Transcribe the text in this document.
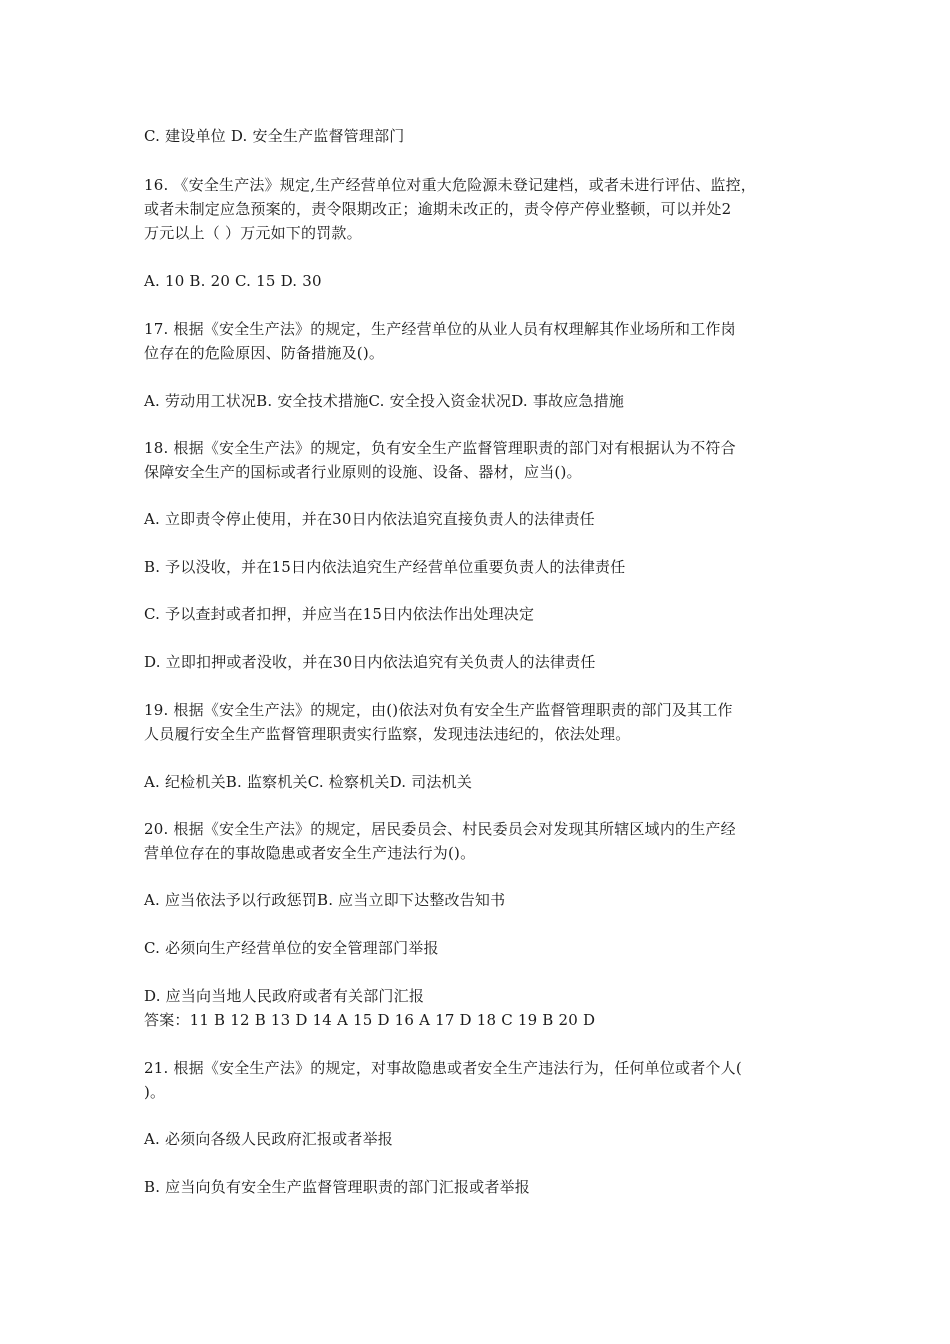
C. 建设单位 D. 安全生产监督管理部门
16. 《安全生产法》规定,生产经营单位对重大危险源未登记建档，或者未进行评估、监控，
或者未制定应急预案的，责令限期改正；逾期未改正的，责令停产停业整顿，可以并处2
万元以上（ ）万元如下的罚款。
A. 10 B. 20 C. 15 D. 30
17. 根据《安全生产法》的规定，生产经营单位的从业人员有权理解其作业场所和工作岗
位存在的危险原因、防备措施及()。
A. 劳动用工状况B. 安全技术措施C. 安全投入资金状况D. 事故应急措施
18. 根据《安全生产法》的规定，负有安全生产监督管理职责的部门对有根据认为不符合
保障安全生产的国标或者行业原则的设施、设备、器材，应当()。
A. 立即责令停止使用，并在30日内依法追究直接负责人的法律责任
B. 予以没收，并在15日内依法追究生产经营单位重要负责人的法律责任
C. 予以查封或者扣押，并应当在15日内依法作出处理决定
D. 立即扣押或者没收，并在30日内依法追究有关负责人的法律责任
19. 根据《安全生产法》的规定，由()依法对负有安全生产监督管理职责的部门及其工作
人员履行安全生产监督管理职责实行监察，发现违法违纪的，依法处理。
A. 纪检机关B. 监察机关C. 检察机关D. 司法机关
20. 根据《安全生产法》的规定，居民委员会、村民委员会对发现其所辖区域内的生产经
营单位存在的事故隐患或者安全生产违法行为()。
A. 应当依法予以行政惩罚B. 应当立即下达整改告知书
C. 必须向生产经营单位的安全管理部门举报
D. 应当向当地人民政府或者有关部门汇报
答案：11 B 12 B 13 D 14 A 15 D 16 A 17 D 18 C 19 B 20 D
21. 根据《安全生产法》的规定，对事故隐患或者安全生产违法行为，任何单位或者个人(
)。
A. 必须向各级人民政府汇报或者举报
B. 应当向负有安全生产监督管理职责的部门汇报或者举报
